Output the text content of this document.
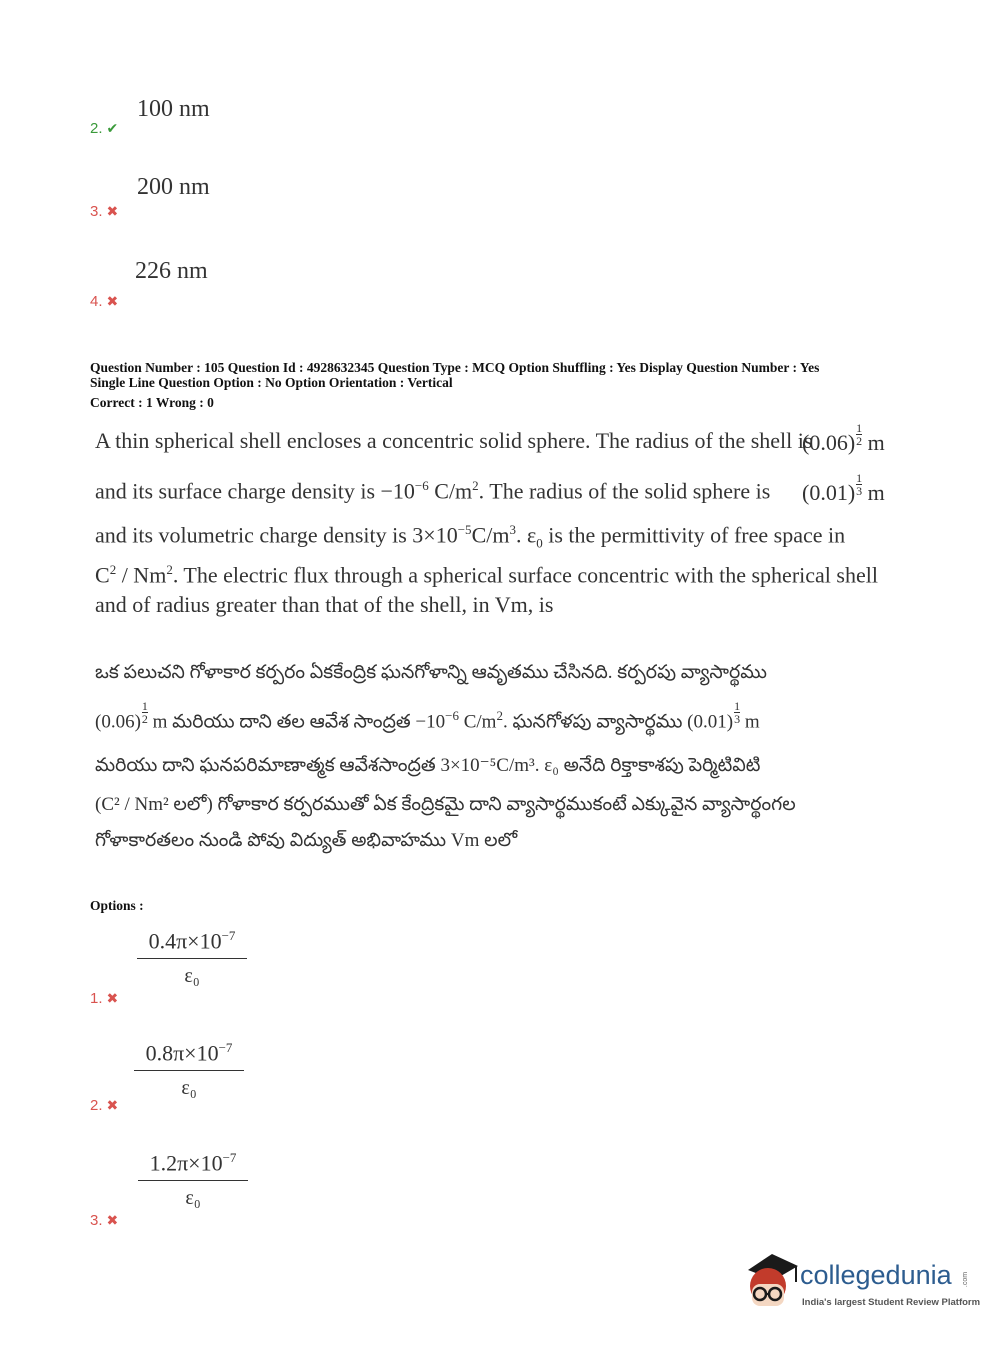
100 nm
2. ✔
200 nm
3. ✖
226 nm
4. ✖
Question Number : 105 Question Id : 4928632345 Question Type : MCQ Option Shuffling : Yes Display Question Number : Yes
Single Line Question Option : No Option Orientation : Vertical
Correct : 1 Wrong : 0
A thin spherical shell encloses a concentric solid sphere. The radius of the shell is
$(0.06) \frac{1}{2}$ m
and its surface charge density is $-10^{-6}$ $C/m^2$. The radius of the solid sphere is $(0.01) \frac{1}{3}$ m
and its volumetric charge density is $3\times 10^{-5}C/m^3$. $\varepsilon_0$ is the permittivity of free space in
$C^2 / Nm^2$. The electric flux through a spherical surface concentric with the spherical shell
and of radius greater than that of the shell, in Vm, is
ఒక పలుచని గోళాకార కర్పరం ఏకకేంద్రిక ఘనగోళాన్ని ఆవృతము చేసినది. కర్పరపు వ్యాసార్థము
$(0.06) \frac{1}{2}$ m మరియు దాని తల ఆవేశ సాంద్రత $-10^{-6}$ $C/m^2$. ఘనగోళపు వ్యాసార్థము $(0.01) \frac{1}{3}$ m
మరియు దాని ఘనపరిమాణాత్మక ఆవేశసాంద్రత 3×10⁻⁵C/m³. ε₀ అనేది రిక్తాకాశపు పెర్మిటివిటి
(C² / Nm² లలో) గోళాకార కర్పరముతో ఏక కేంద్రికమై దాని వ్యాసార్థముకంటే ఎక్కువైన వ్యాసార్థంగల
గోళాకారతలం నుండి పోవు విద్యుత్ అభివాహము Vm లలో
Options :
$\frac{0.4\pi\times 10^{-7}}{\text{ε₀}}$
1. ✖
$\frac{0.8\pi\times 10^{-7}}{\text{ε₀}}$
2. ✖
$\frac{1.2\pi\times 10^{-7}}{\text{ε₀}}$
3. ✖
collegedunia .com
India's largest Student Review Platform
